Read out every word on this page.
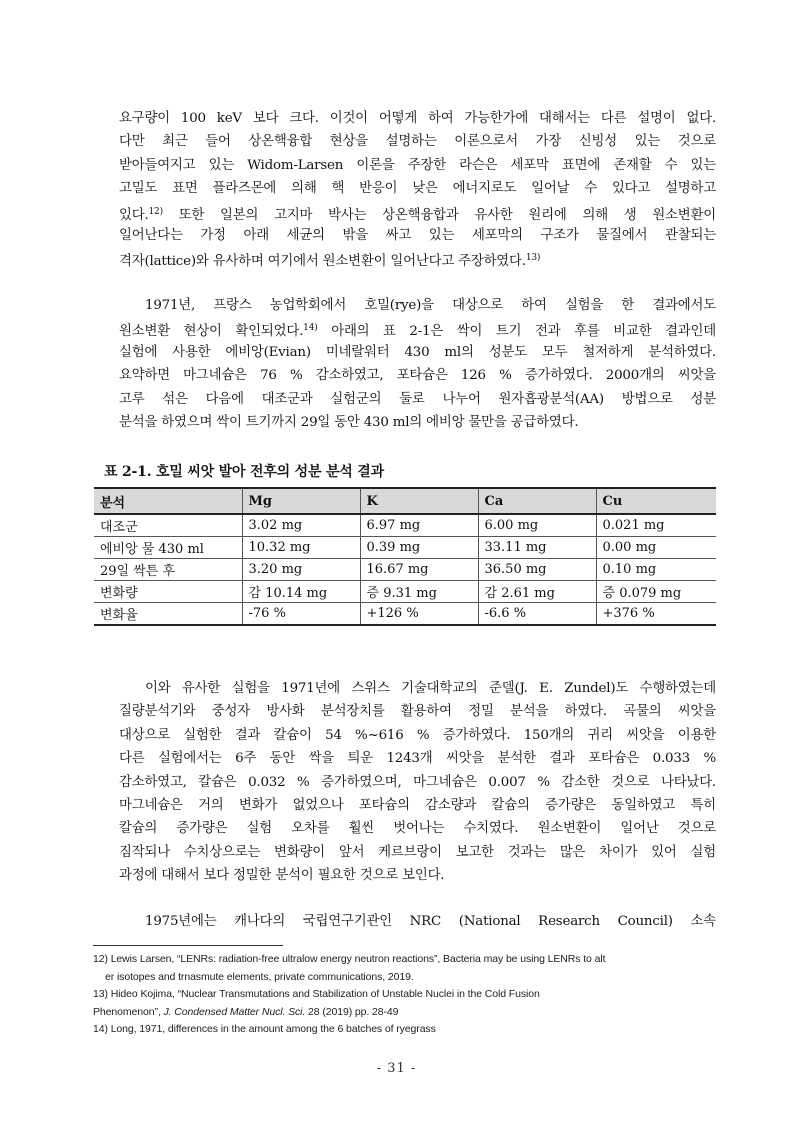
요구량이 100 keV 보다 크다. 이것이 어떻게 하여 가능한가에 대해서는 다른 설명이 없다.
다만 최근 들어 상온핵융합 현상을 설명하는 이론으로서 가장 신빙성 있는 것으로
받아들여지고 있는 Widom-Larsen 이론을 주장한 라슨은 세포막 표면에 존재할 수 있는
고밀도 표면 플라즈몬에 의해 핵 반응이 낮은 에너지로도 일어날 수 있다고 설명하고
있다.$^{12)}$ 또한 일본의 고지마 박사는 상온핵융합과 유사한 원리에 의해 생 원소변환이
일어난다는 가정 아래 세균의 밖을 싸고 있는 세포막의 구조가 물질에서 관찰되는
격자(lattice)와 유사하며 여기에서 원소변환이 일어난다고 주장하였다.$^{13)}$
1971년, 프랑스 농업학회에서 호밀(rye)을 대상으로 하여 실험을 한 결과에서도
원소변환 현상이 확인되었다.$^{14)}$ 아래의 표 2-1은 싹이 트기 전과 후를 비교한 결과인데
실험에 사용한 에비앙(Evian) 미네랄워터 430 ml의 성분도 모두 철저하게 분석하였다.
요약하면 마그네슘은 76 % 감소하였고, 포타슘은 126 % 증가하였다. 2000개의 씨앗을
고루 섞은 다음에 대조군과 실험군의 둘로 나누어 원자흡광분석(AA) 방법으로 성분
분석을 하였으며 싹이 트기까지 29일 동안 430 ml의 에비앙 물만을 공급하였다.
표 2-1. 호밀 씨앗 발아 전후의 성분 분석 결과
분석	Mg	K	Ca	Cu
대조군	3.02 mg	6.97 mg	6.00 mg	0.021 mg
에비앙 물 430 ml	10.32 mg	0.39 mg	33.11 mg	0.00 mg
29일 싹튼 후	3.20 mg	16.67 mg	36.50 mg	0.10 mg
변화량	감 10.14 mg	증 9.31 mg	감 2.61 mg	증 0.079 mg
변화율	-76 %	+126 %	-6.6 %	+376 %
이와 유사한 실험을 1971년에 스위스 기술대학교의 준델(J. E. Zundel)도 수행하였는데
질량분석기와 중성자 방사화 분석장치를 활용하여 정밀 분석을 하였다. 곡물의 씨앗을
대상으로 실험한 결과 칼슘이 54 %~616 % 증가하였다. 150개의 귀리 씨앗을 이용한
다른 실험에서는 6주 동안 싹을 틔운 1243개 씨앗을 분석한 결과 포타슘은 0.033 %
감소하였고, 칼슘은 0.032 % 증가하였으며, 마그네슘은 0.007 % 감소한 것으로 나타났다.
마그네슘은 거의 변화가 없었으나 포타슘의 감소량과 칼슘의 증가량은 동일하였고 특히
칼슘의 증가량은 실험 오차를 훨씬 벗어나는 수치였다. 원소변환이 일어난 것으로
짐작되나 수치상으로는 변화량이 앞서 케르브랑이 보고한 것과는 많은 차이가 있어 실험
과정에 대해서 보다 정밀한 분석이 필요한 것으로 보인다.
1975년에는 캐나다의 국립연구기관인 NRC (National Research Council) 소속
12) Lewis Larsen, “LENRs: radiation-free ultralow energy neutron reactions”, Bacteria may be using LENRs to alt
er isotopes and trnasmute elements, private communications, 2019.
13) Hideo Kojima, “Nuclear Transmutations and Stabilization of Unstable Nuclei in the Cold Fusion
Phenomenon”, J. Condensed Matter Nucl. Sci. 28 (2019) pp. 28-49
14) Long, 1971, differences in the amount among the 6 batches of ryegrass
- 31 -
